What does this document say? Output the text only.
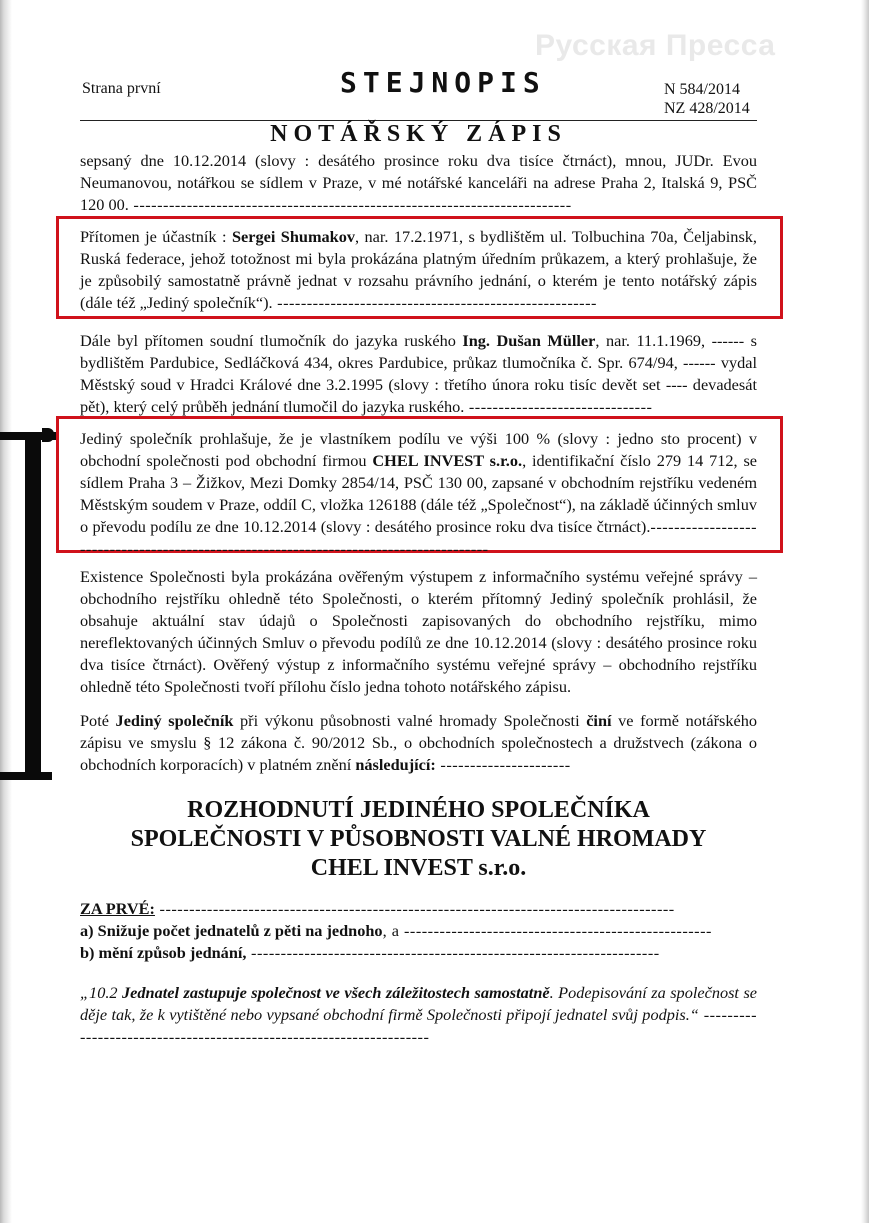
Русская Пресса
Strana první	STEJNOPIS	N 584/2014
NZ 428/2014
NOTÁŘSKÝ ZÁPIS

sepsaný dne 10.12.2014 (slovy : desátého prosince roku dva tisíce čtrnáct), mnou, JUDr. Evou Neumanovou, notářkou se sídlem v Praze, v mé notářské kanceláři na adrese Praha 2, Italská 9, PSČ 120 00. --------------------------------------------------------------------------

Přítomen je účastník : Sergei Shumakov, nar. 17.2.1971, s bydlištěm ul. Tolbuchina 70a, Čeljabinsk, Ruská federace, jehož totožnost mi byla prokázána platným úředním průkazem, a který prohlašuje, že je způsobilý samostatně právně jednat v rozsahu právního jednání, o kterém je tento notářský zápis (dále též „Jediný společník“). ------------------------------------------------------

Dále byl přítomen soudní tlumočník do jazyka ruského Ing. Dušan Müller, nar. 11.1.1969, ------ s bydlištěm Pardubice, Sedláčková 434, okres Pardubice, průkaz tlumočníka č. Spr. 674/94, ------ vydal Městský soud v Hradci Králové dne 3.2.1995 (slovy : třetího února roku tisíc devět set ---- devadesát pět), který celý průběh jednání tlumočil do jazyka ruského. -------------------------------

Jediný společník prohlašuje, že je vlastníkem podílu ve výši 100 % (slovy : jedno sto procent) v obchodní společnosti pod obchodní firmou CHEL INVEST s.r.o., identifikační číslo 279 14 712, se sídlem Praha 3 – Žižkov, Mezi Domky 2854/14, PSČ 130 00, zapsané v obchodním rejstříku vedeném Městským soudem v Praze, oddíl C, vložka 126188 (dále též „Společnost“), na základě účinných smluv o převodu podílu ze dne 10.12.2014 (slovy : desátého prosince roku dva tisíce čtrnáct).---------------------------------------------------------------------------------------

Existence Společnosti byla prokázána ověřeným výstupem z informačního systému veřejné správy – obchodního rejstříku ohledně této Společnosti, o kterém přítomný Jediný společník prohlásil, že obsahuje aktuální stav údajů o Společnosti zapisovaných do obchodního rejstříku, mimo nereflektovaných účinných Smluv o převodu podílů ze dne 10.12.2014 (slovy : desátého prosince roku dva tisíce čtrnáct). Ověřený výstup z informačního systému veřejné správy – obchodního rejstříku ohledně této Společnosti tvoří přílohu číslo jedna tohoto notářského zápisu.

Poté Jediný společník při výkonu působnosti valné hromady Společnosti činí ve formě notářského zápisu ve smyslu § 12 zákona č. 90/2012 Sb., o obchodních společnostech a družstvech (zákona o obchodních korporacích) v platném znění následující: ----------------------

ROZHODNUTÍ JEDINÉHO SPOLEČNÍKA
SPOLEČNOSTI V PŮSOBNOSTI VALNÉ HROMADY
CHEL INVEST s.r.o.

ZA PRVÉ: ---------------------------------------------------------------------------------------

a) Snižuje počet jednatelů z pěti na jednoho, a ----------------------------------------------------

b) mění způsob jednání, ---------------------------------------------------------------------

„10.2 Jednatel zastupuje společnost ve všech záležitostech samostatně. Podepisování za společnost se děje tak, že k vytištěné nebo vypsané obchodní firmě Společnosti připojí jednatel svůj podpis.“ --------------------------------------------------------------------
